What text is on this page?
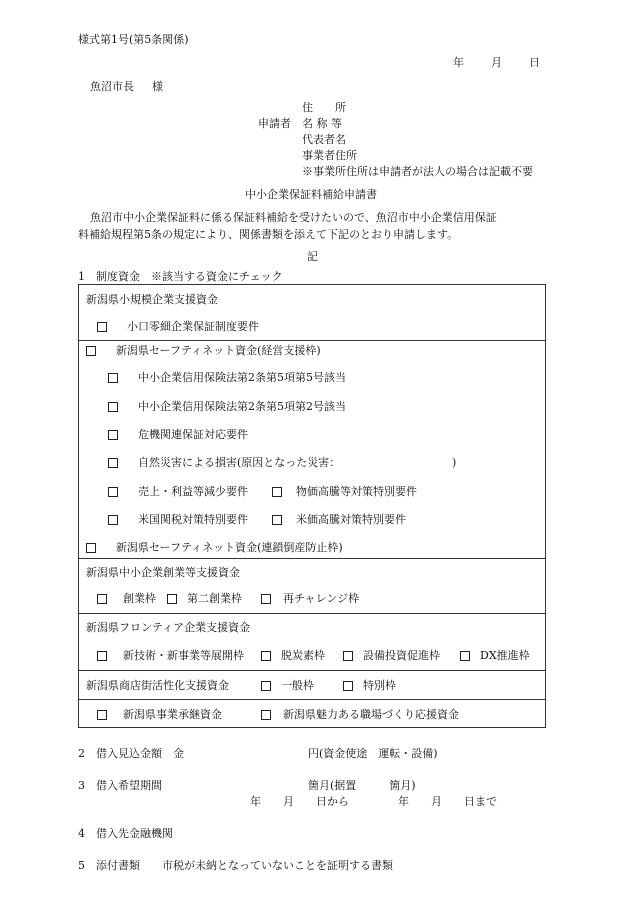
様式第1号(第5条関係)
年 月 日
魚沼市長 様
申請者
住　　所
名 称 等
代表者名
事業者住所
※事業所住所は申請者が法人の場合は記載不要
中小企業保証料補給申請書
魚沼市中小企業保証料に係る保証料補給を受けたいので、魚沼市中小企業信用保証
料補給規程第5条の規定により、関係書類を添えて下記のとおり申請します。
記
1　制度資金　※該当する資金にチェック
新潟県小規模企業支援資金
小口零細企業保証制度要件
新潟県セーフティネット資金(経営支援枠)
中小企業信用保険法第2条第5項第5号該当
中小企業信用保険法第2条第5項第2号該当
危機関連保証対応要件
自然災害による損害(原因となった災害：	)
売上・利益等減少要件	物価高騰等対策特別要件
米国関税対策特別要件	米価高騰対策特別要件
新潟県セーフティネット資金(連鎖倒産防止枠)
新潟県中小企業創業等支援資金
創業枠	第二創業枠	再チャレンジ枠
新潟県フロンティア企業支援資金
新技術・新事業等展開枠	脱炭素枠	設備投資促進枠	DX推進枠
新潟県商店街活性化支援資金	一般枠	特別枠
新潟県事業承継資金	新潟県魅力ある職場づくり応援資金
2　借入見込金額　金	円(資金使途　運転・設備)
3　借入希望期間	箇月(据置　　　箇月)
年　　月　　日から	年　　月　　日まで
4　借入先金融機関
5　添付書類　　市税が未納となっていないことを証明する書類
